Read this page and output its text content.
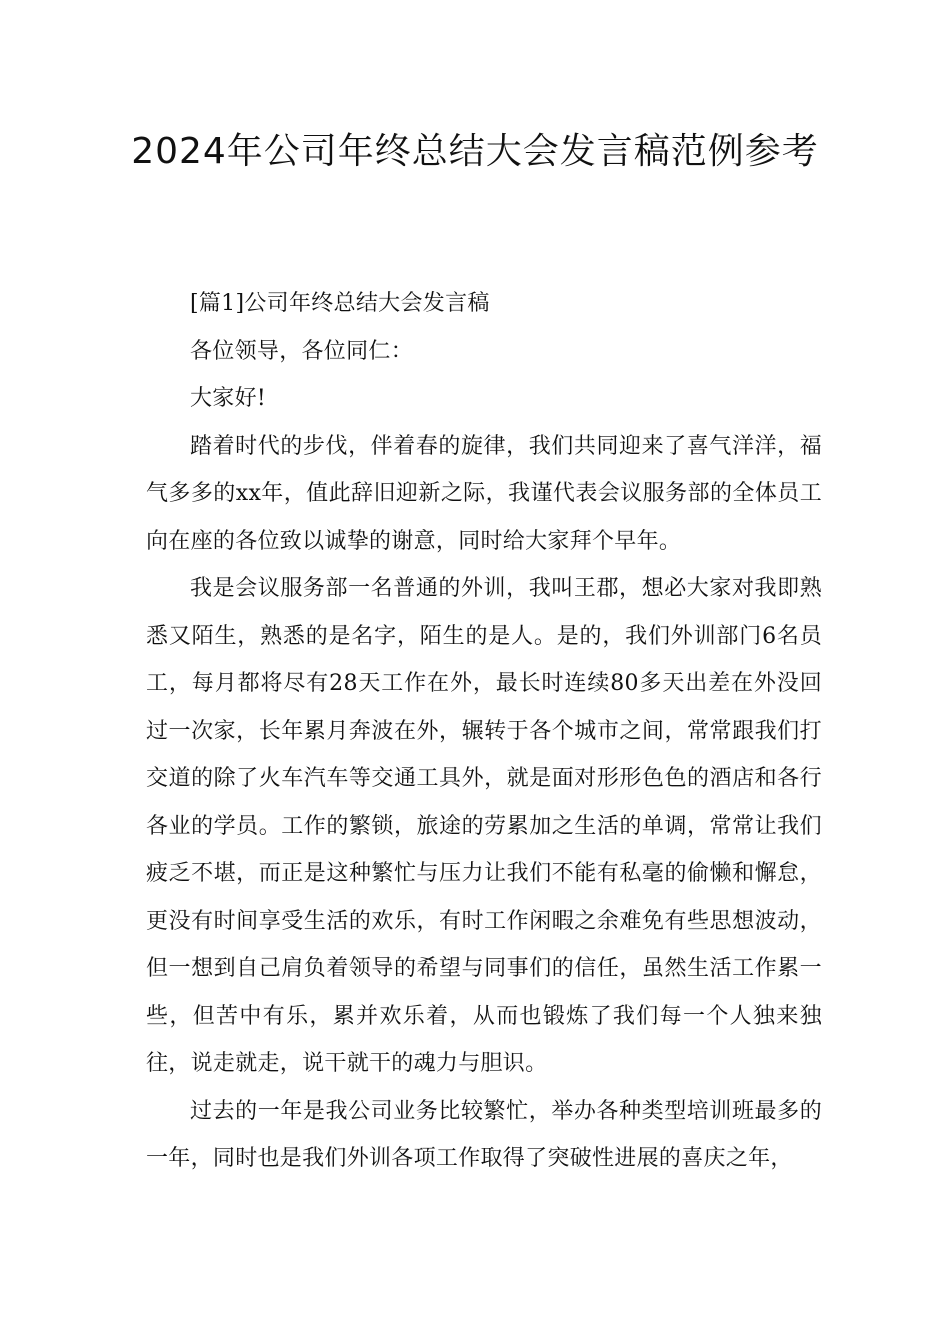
2024年公司年终总结大会发言稿范例参考

[篇1]公司年终总结大会发言稿

各位领导，各位同仁：

大家好!

踏着时代的步伐，伴着春的旋律，我们共同迎来了喜气洋洋，福气多多的xx年，值此辞旧迎新之际，我谨代表会议服务部的全体员工向在座的各位致以诚挚的谢意，同时给大家拜个早年。

我是会议服务部一名普通的外训，我叫王郡，想必大家对我即熟悉又陌生，熟悉的是名字，陌生的是人。是的，我们外训部门6名员工，每月都将尽有28天工作在外，最长时连续80多天出差在外没回过一次家，长年累月奔波在外，辗转于各个城市之间，常常跟我们打交道的除了火车汽车等交通工具外，就是面对形形色色的酒店和各行各业的学员。工作的繁锁，旅途的劳累加之生活的单调，常常让我们疲乏不堪，而正是这种繁忙与压力让我们不能有私毫的偷懒和懈怠，更没有时间享受生活的欢乐，有时工作闲暇之余难免有些思想波动，但一想到自己肩负着领导的希望与同事们的信任，虽然生活工作累一些，但苦中有乐，累并欢乐着，从而也锻炼了我们每一个人独来独往，说走就走，说干就干的魂力与胆识。

过去的一年是我公司业务比较繁忙，举办各种类型培训班最多的一年，同时也是我们外训各项工作取得了突破性进展的喜庆之年，
